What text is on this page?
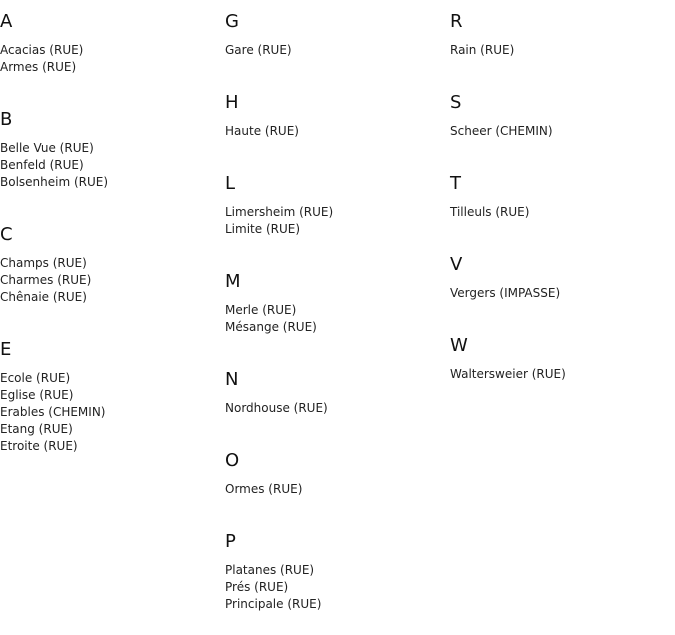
A
Acacias (RUE)
Armes (RUE)
B
Belle Vue (RUE)
Benfeld (RUE)
Bolsenheim (RUE)
C
Champs (RUE)
Charmes (RUE)
Chênaie (RUE)
E
Ecole (RUE)
Eglise (RUE)
Erables (CHEMIN)
Etang (RUE)
Etroite (RUE)
G
Gare (RUE)
H
Haute (RUE)
L
Limersheim (RUE)
Limite (RUE)
M
Merle (RUE)
Mésange (RUE)
N
Nordhouse (RUE)
O
Ormes (RUE)
P
Platanes (RUE)
Prés (RUE)
Principale (RUE)
R
Rain (RUE)
S
Scheer (CHEMIN)
T
Tilleuls (RUE)
V
Vergers (IMPASSE)
W
Waltersweier (RUE)
